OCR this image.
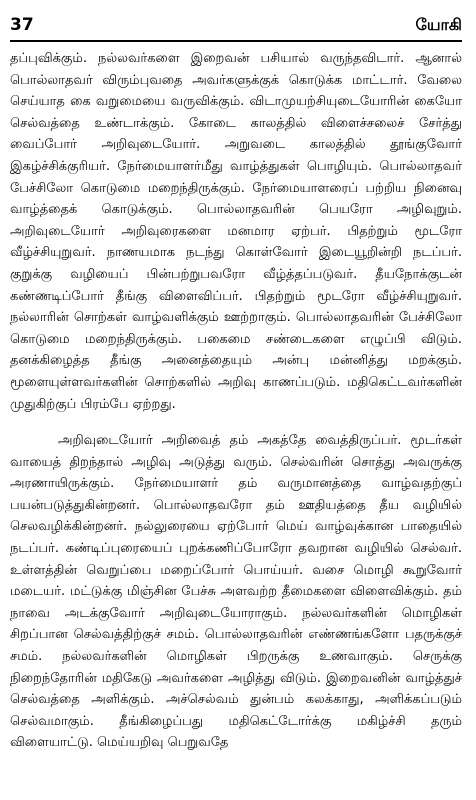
37	யோகி

தப்புவிக்கும். நல்லவர்களை இறைவன் பசியால் வருந்தவிடார். ஆனால் பொல்லாதவர் விரும்புவதை அவர்களுக்குக் கொடுக்க மாட்டார். வேலை செய்யாத கை வறுமையை வருவிக்கும். விடாமுயற்சியுடையோரின் கையோ செல்வத்தை உண்டாக்கும். கோடை காலத்தில் விளைச்சலைச் சேர்த்து வைப்போர் அறிவுடையோர். அறுவடை காலத்தில் தூங்குவோர் இகழ்ச்சிக்குரியர். நேர்மையாளர்மீது வாழ்த்துகள் பொழியும். பொல்லாதவர் பேச்சிலோ கொடுமை மறைந்திருக்கும். நேர்மையாளரைப் பற்றிய நினைவு வாழ்த்தைக் கொடுக்கும். பொல்லாதவரின் பெயரோ அழிவுறும். அறிவுடையோர் அறிவுரைகளை மனமார ஏற்பர். பிதற்றும் மூடரோ வீழ்ச்சியுறுவர். நாணயமாக நடந்து கொள்வோர் இடையூறின்றி நடப்பர். குறுக்கு வழியைப் பின்பற்றுபவரோ வீழ்த்தப்படுவர். தீயநோக்குடன் கண்ணடிப்போர் தீங்கு விளைவிப்பர். பிதற்றும் மூடரோ வீழ்ச்சியுறுவர். நல்லாரின் சொற்கள் வாழ்வளிக்கும் ஊற்றாகும். பொல்லாதவரின் பேச்சிலோ கொடுமை மறைந்திருக்கும். பகைமை சண்டைகளை எழுப்பி விடும். தனக்கிழைத்த தீங்கு அனைத்தையும் அன்பு மன்னித்து மறக்கும். மூளையுள்ளவர்களின் சொற்களில் அறிவு காணப்படும். மதிகெட்டவர்களின் முதுகிற்குப் பிரம்பே ஏற்றது.

அறிவுடையோர் அறிவைத் தம் அகத்தே வைத்திருப்பர். மூடர்கள் வாயைத் திறந்தால் அழிவு அடுத்து வரும். செல்வரின் சொத்து அவருக்கு அரணாயிருக்கும். நேர்மையாளர் தம் வருமானத்தை வாழ்வதற்குப் பயன்படுத்துகின்றனர். பொல்லாதவரோ தம் ஊதியத்தை தீய வழியில் செலவழிக்கின்றனர். நல்லுரையை ஏற்போர் மெய் வாழ்வுக்கான பாதையில் நடப்பர். கண்டிப்புரையைப் புறக்கணிப்போரோ தவறான வழியில் செல்வர். உள்ளத்தின் வெறுப்பை மறைப்போர் பொய்யர். வசை மொழி கூறுவோர் மடையர். மட்டுக்கு மிஞ்சின பேச்சு அளவற்ற தீமைகளை விளைவிக்கும். தம் நாவை அடக்குவோர் அறிவுடையோராகும். நல்லவர்களின் மொழிகள் சிறப்பான செல்வத்திற்குச் சமம். பொல்லாதவரின் எண்ணங்களோ பதருக்குச் சமம். நல்லவர்களின் மொழிகள் பிறருக்கு உணவாகும். செருக்கு நிறைந்தோரின் மதிகேடு அவர்களை அழித்து விடும். இறைவனின் வாழ்த்துச் செல்வத்தை அளிக்கும். அச்செல்வம் துன்பம் கலக்காது, அளிக்கப்படும் செல்வமாகும். தீங்கிழைப்பது மதிகெட்டோர்க்கு மகிழ்ச்சி தரும் விளையாட்டு. மெய்யறிவு பெறுவதே
